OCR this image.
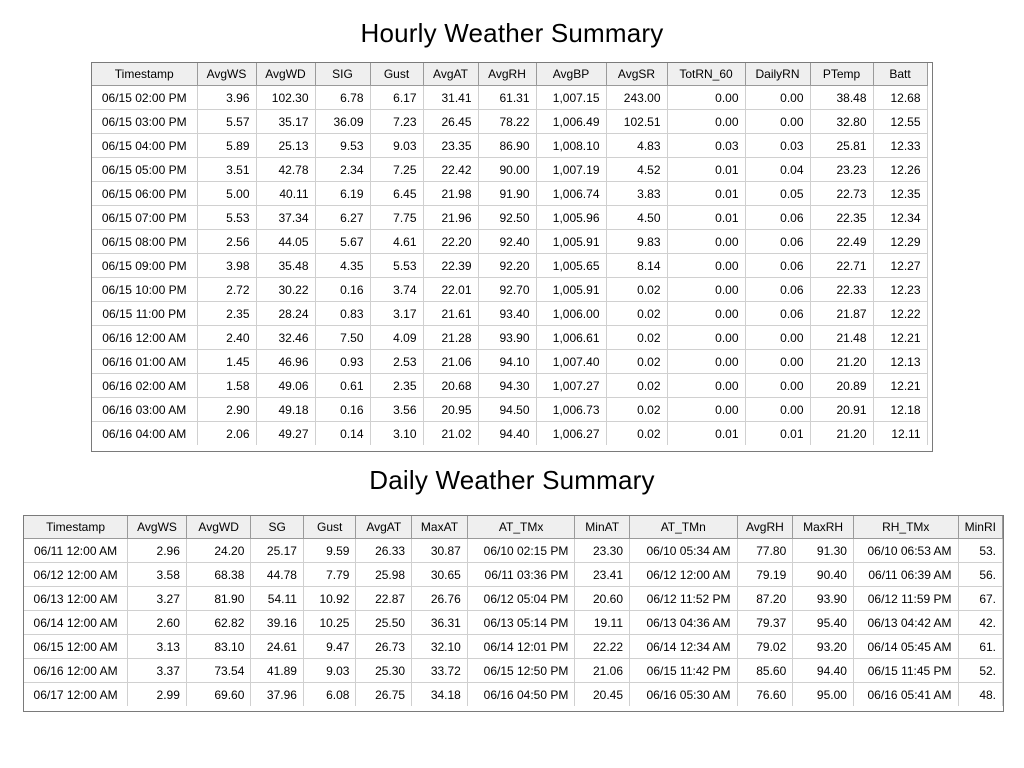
Hourly Weather Summary
Timestamp	AvgWS	AvgWD	SIG	Gust	AvgAT	AvgRH	AvgBP	AvgSR	TotRN_60	DailyRN	PTemp	Batt
06/15 02:00 PM	3.96	102.30	6.78	6.17	31.41	61.31	1,007.15	243.00	0.00	0.00	38.48	12.68
06/15 03:00 PM	5.57	35.17	36.09	7.23	26.45	78.22	1,006.49	102.51	0.00	0.00	32.80	12.55
06/15 04:00 PM	5.89	25.13	9.53	9.03	23.35	86.90	1,008.10	4.83	0.03	0.03	25.81	12.33
06/15 05:00 PM	3.51	42.78	2.34	7.25	22.42	90.00	1,007.19	4.52	0.01	0.04	23.23	12.26
06/15 06:00 PM	5.00	40.11	6.19	6.45	21.98	91.90	1,006.74	3.83	0.01	0.05	22.73	12.35
06/15 07:00 PM	5.53	37.34	6.27	7.75	21.96	92.50	1,005.96	4.50	0.01	0.06	22.35	12.34
06/15 08:00 PM	2.56	44.05	5.67	4.61	22.20	92.40	1,005.91	9.83	0.00	0.06	22.49	12.29
06/15 09:00 PM	3.98	35.48	4.35	5.53	22.39	92.20	1,005.65	8.14	0.00	0.06	22.71	12.27
06/15 10:00 PM	2.72	30.22	0.16	3.74	22.01	92.70	1,005.91	0.02	0.00	0.06	22.33	12.23
06/15 11:00 PM	2.35	28.24	0.83	3.17	21.61	93.40	1,006.00	0.02	0.00	0.06	21.87	12.22
06/16 12:00 AM	2.40	32.46	7.50	4.09	21.28	93.90	1,006.61	0.02	0.00	0.00	21.48	12.21
06/16 01:00 AM	1.45	46.96	0.93	2.53	21.06	94.10	1,007.40	0.02	0.00	0.00	21.20	12.13
06/16 02:00 AM	1.58	49.06	0.61	2.35	20.68	94.30	1,007.27	0.02	0.00	0.00	20.89	12.21
06/16 03:00 AM	2.90	49.18	0.16	3.56	20.95	94.50	1,006.73	0.02	0.00	0.00	20.91	12.18
06/16 04:00 AM	2.06	49.27	0.14	3.10	21.02	94.40	1,006.27	0.02	0.01	0.01	21.20	12.11
Daily Weather Summary
Timestamp	AvgWS	AvgWD	SG	Gust	AvgAT	MaxAT	AT_TMx	MinAT	AT_TMn	AvgRH	MaxRH	RH_TMx	MinRI
06/11 12:00 AM	2.96	24.20	25.17	9.59	26.33	30.87	06/10 02:15 PM	23.30	06/10 05:34 AM	77.80	91.30	06/10 06:53 AM	53.
06/12 12:00 AM	3.58	68.38	44.78	7.79	25.98	30.65	06/11 03:36 PM	23.41	06/12 12:00 AM	79.19	90.40	06/11 06:39 AM	56.
06/13 12:00 AM	3.27	81.90	54.11	10.92	22.87	26.76	06/12 05:04 PM	20.60	06/12 11:52 PM	87.20	93.90	06/12 11:59 PM	67.
06/14 12:00 AM	2.60	62.82	39.16	10.25	25.50	36.31	06/13 05:14 PM	19.11	06/13 04:36 AM	79.37	95.40	06/13 04:42 AM	42.
06/15 12:00 AM	3.13	83.10	24.61	9.47	26.73	32.10	06/14 12:01 PM	22.22	06/14 12:34 AM	79.02	93.20	06/14 05:45 AM	61.
06/16 12:00 AM	3.37	73.54	41.89	9.03	25.30	33.72	06/15 12:50 PM	21.06	06/15 11:42 PM	85.60	94.40	06/15 11:45 PM	52.
06/17 12:00 AM	2.99	69.60	37.96	6.08	26.75	34.18	06/16 04:50 PM	20.45	06/16 05:30 AM	76.60	95.00	06/16 05:41 AM	48.
